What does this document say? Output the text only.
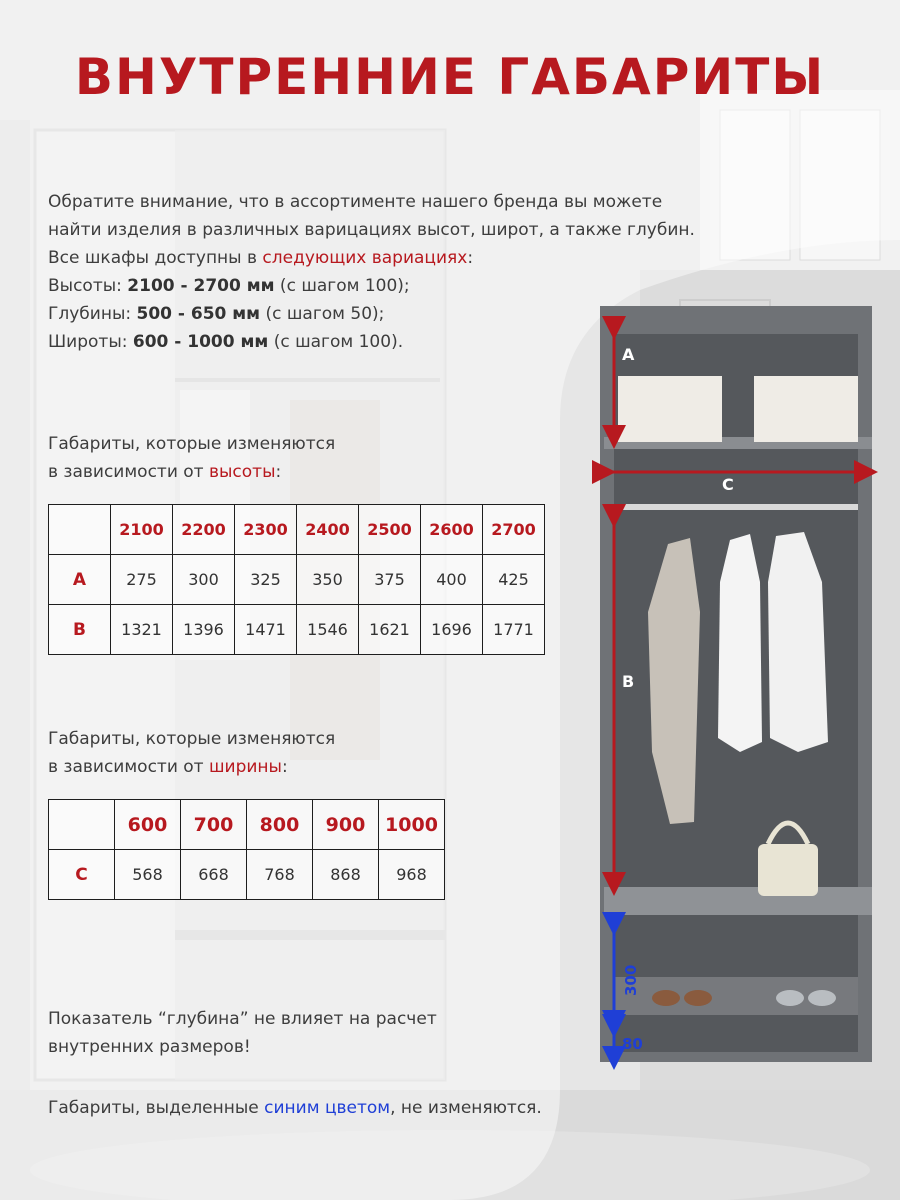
ВНУТРЕННИЕ ГАБАРИТЫ
Обратите внимание, что в ассортименте нашего бренда вы можете
найти изделия в различных варицациях высот, широт, а также глубин.
Все шкафы доступны в следующих вариациях:
Высоты: 2100 - 2700 мм (с шагом 100);
Глубины: 500 - 650 мм (с шагом 50);
Широты: 600 - 1000 мм (с шагом 100).
Габариты, которые изменяются
в зависимости от высоты:
	2100	2200	2300	2400	2500	2600	2700
A	275	300	325	350	375	400	425
B	1321	1396	1471	1546	1621	1696	1771
Габариты, которые изменяются
в зависимости от ширины:
	600	700	800	900	1000
C	568	668	768	868	968
Показатель “глубина” не влияет на расчет
внутренних размеров!
Габариты, выделенные синим цветом, не изменяются.
A
C
B
300
80
